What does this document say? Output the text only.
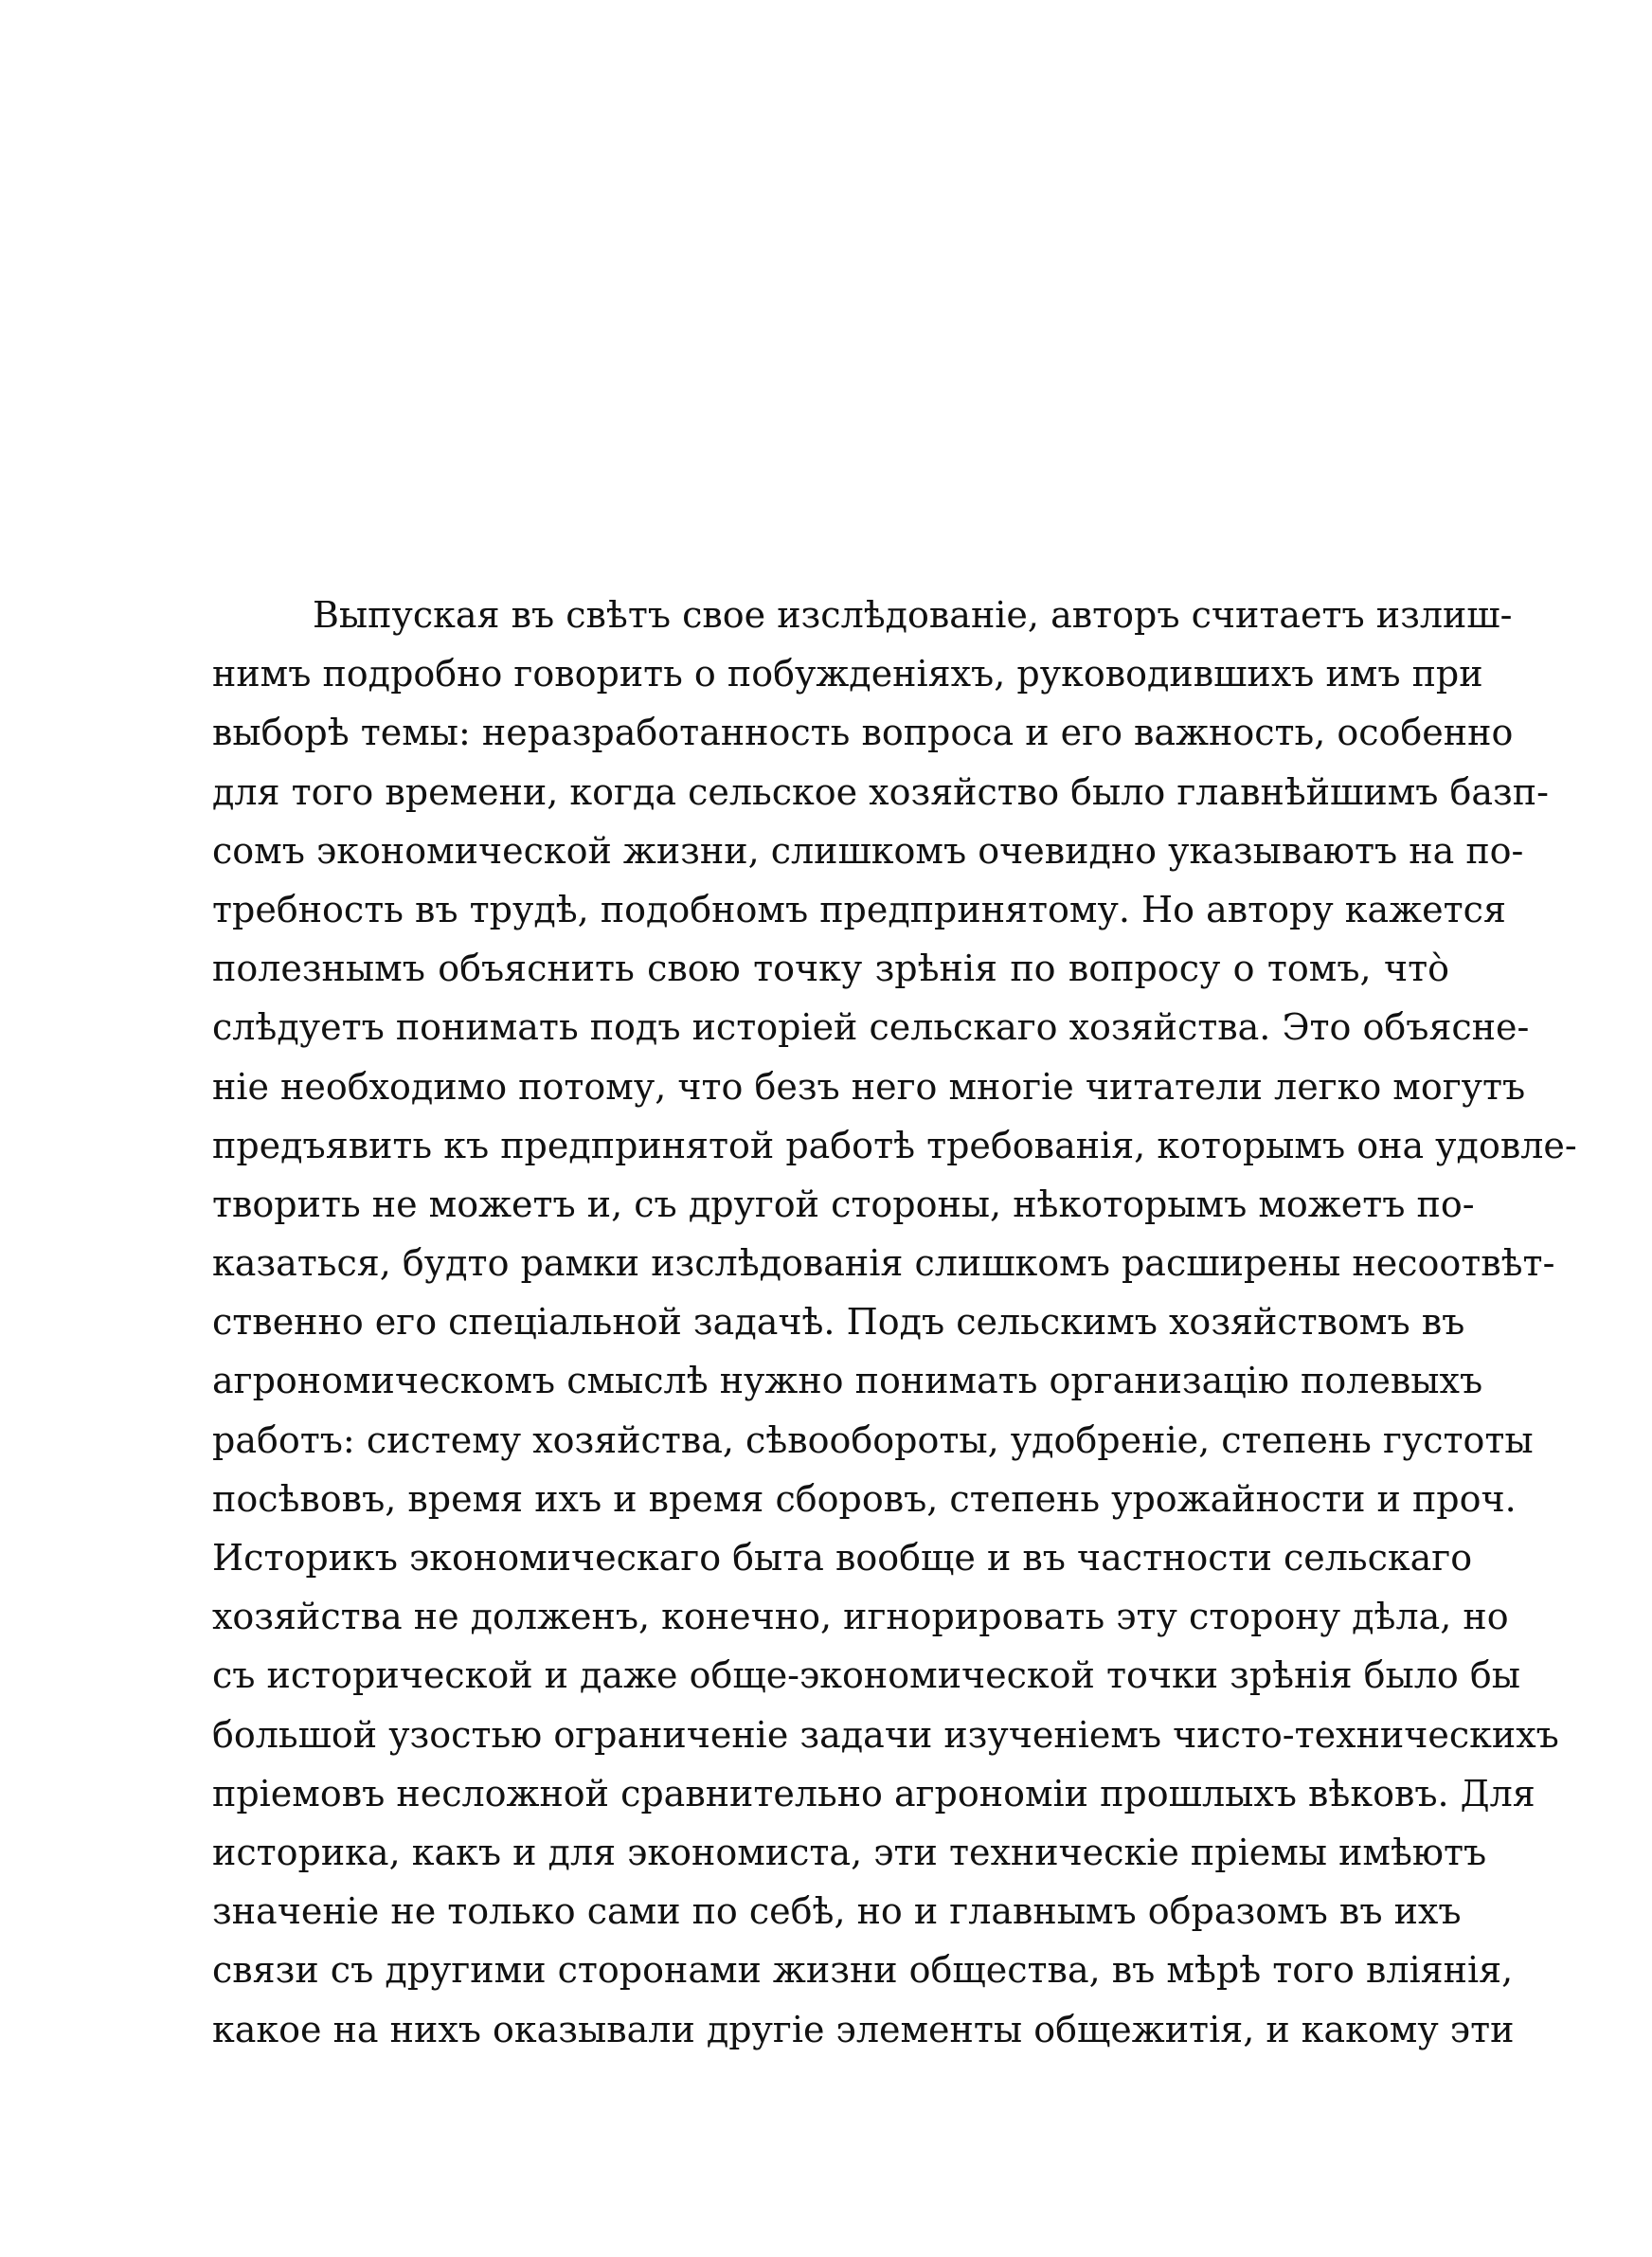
Выпуская въ свѣтъ свое изслѣдованіе, авторъ считаетъ излиш-
нимъ подробно говорить о побужденіяхъ, руководившихъ имъ при
выборѣ темы: неразработанность вопроса и его важность, особенно
для того времени, когда сельское хозяйство было главнѣйшимъ базп-
сомъ экономической жизни, слишкомъ очевидно указываютъ на по-
требность въ трудѣ, подобномъ предпринятому. Но автору кажется
полезнымъ объяснить свою точку зрѣнія по вопросу о томъ, что̀
слѣдуетъ понимать подъ исторіей сельскаго хозяйства. Это объясне-
ніе необходимо потому, что безъ него многіе читатели легко могутъ
предъявить къ предпринятой работѣ требованія, которымъ она удовле-
творить не можетъ и, съ другой стороны, нѣкоторымъ можетъ по-
казаться, будто рамки изслѣдованія слишкомъ расширены несоотвѣт-
ственно его спеціальной задачѣ. Подъ сельскимъ хозяйствомъ въ
агрономическомъ смыслѣ нужно понимать организацію полевыхъ
работъ: систему хозяйства, сѣвообороты, удобреніе, степень густоты
посѣвовъ, время ихъ и время сборовъ, степень урожайности и проч.
Историкъ экономическаго быта вообще и въ частности сельскаго
хозяйства не долженъ, конечно, игнорировать эту сторону дѣла, но
съ исторической и даже обще-экономической точки зрѣнія было бы
большой узостью ограниченіе задачи изученіемъ чисто-техническихъ
пріемовъ несложной сравнительно агрономіи прошлыхъ вѣковъ. Для
историка, какъ и для экономиста, эти техническіе пріемы имѣютъ
значеніе не только сами по себѣ, но и главнымъ образомъ въ ихъ
связи съ другими сторонами жизни общества, въ мѣрѣ того вліянія,
какое на нихъ оказывали другіе элементы общежитія, и какому эти
